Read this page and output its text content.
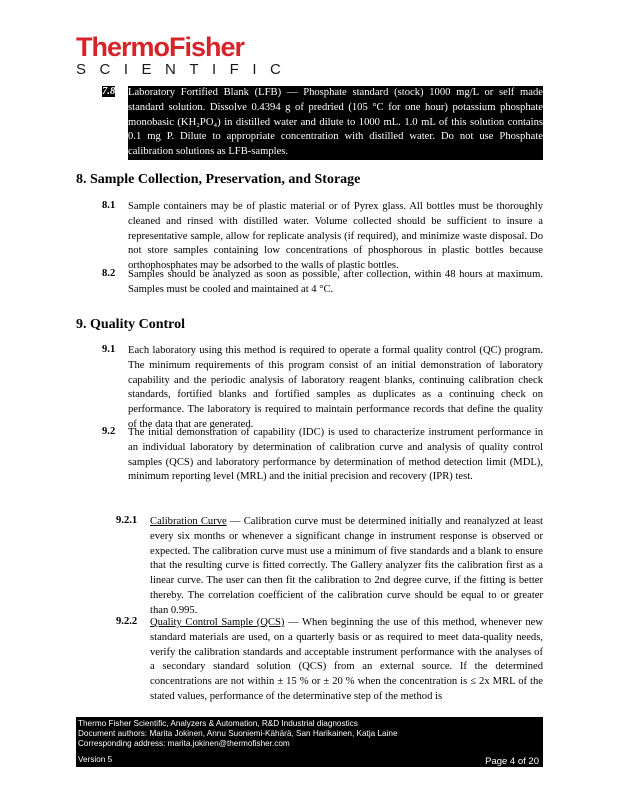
ThermoFisher
SCIENTIFIC
7.8 Laboratory Fortified Blank (LFB) — Phosphate standard (stock) 1000 mg/L or self made standard solution. Dissolve 0.4394 g of predried (105 °C for one hour) potassium phosphate monobasic (KH₂PO₄) in distilled water and dilute to 1000 mL. 1.0 mL of this solution contains 0.1 mg P. Dilute to appropriate concentration with distilled water. Do not use Phosphate calibration solutions as LFB-samples.
8. Sample Collection, Preservation, and Storage
8.1 Sample containers may be of plastic material or of Pyrex glass. All bottles must be thoroughly cleaned and rinsed with distilled water. Volume collected should be sufficient to insure a representative sample, allow for replicate analysis (if required), and minimize waste disposal. Do not store samples containing low concentrations of phosphorous in plastic bottles because orthophosphates may be adsorbed to the walls of plastic bottles.
8.2 Samples should be analyzed as soon as possible, after collection, within 48 hours at maximum. Samples must be cooled and maintained at 4 °C.
9. Quality Control
9.1 Each laboratory using this method is required to operate a formal quality control (QC) program. The minimum requirements of this program consist of an initial demonstration of laboratory capability and the periodic analysis of laboratory reagent blanks, continuing calibration check standards, fortified blanks and fortified samples as duplicates as a continuing check on performance. The laboratory is required to maintain performance records that define the quality of the data that are generated.
9.2 The initial demonstration of capability (IDC) is used to characterize instrument performance in an individual laboratory by determination of calibration curve and analysis of quality control samples (QCS) and laboratory performance by determination of method detection limit (MDL), minimum reporting level (MRL) and the initial precision and recovery (IPR) test.
9.2.1 Calibration Curve — Calibration curve must be determined initially and reanalyzed at least every six months or whenever a significant change in instrument response is observed or expected. The calibration curve must use a minimum of five standards and a blank to ensure that the resulting curve is fitted correctly. The Gallery analyzer fits the calibration first as a linear curve. The user can then fit the calibration to 2nd degree curve, if the fitting is better thereby. The correlation coefficient of the calibration curve should be equal to or greater than 0.995.
9.2.2 Quality Control Sample (QCS) — When beginning the use of this method, whenever new standard materials are used, on a quarterly basis or as required to meet data-quality needs, verify the calibration standards and acceptable instrument performance with the analyses of a secondary standard solution (QCS) from an external source. If the determined concentrations are not within ± 15 % or ± 20 % when the concentration is ≤ 2x MRL of the stated values, performance of the determinative step of the method is
Thermo Fisher Scientific, Analyzers & Automation, R&D Industrial diagnostics
Document authors: Marita Jokinen, Annu Suoniemi-Kähärä, San Harikainen, Katja Laine
Corresponding address: marita.jokinen@thermofisher.com
Version 5	Page 4 of 20
